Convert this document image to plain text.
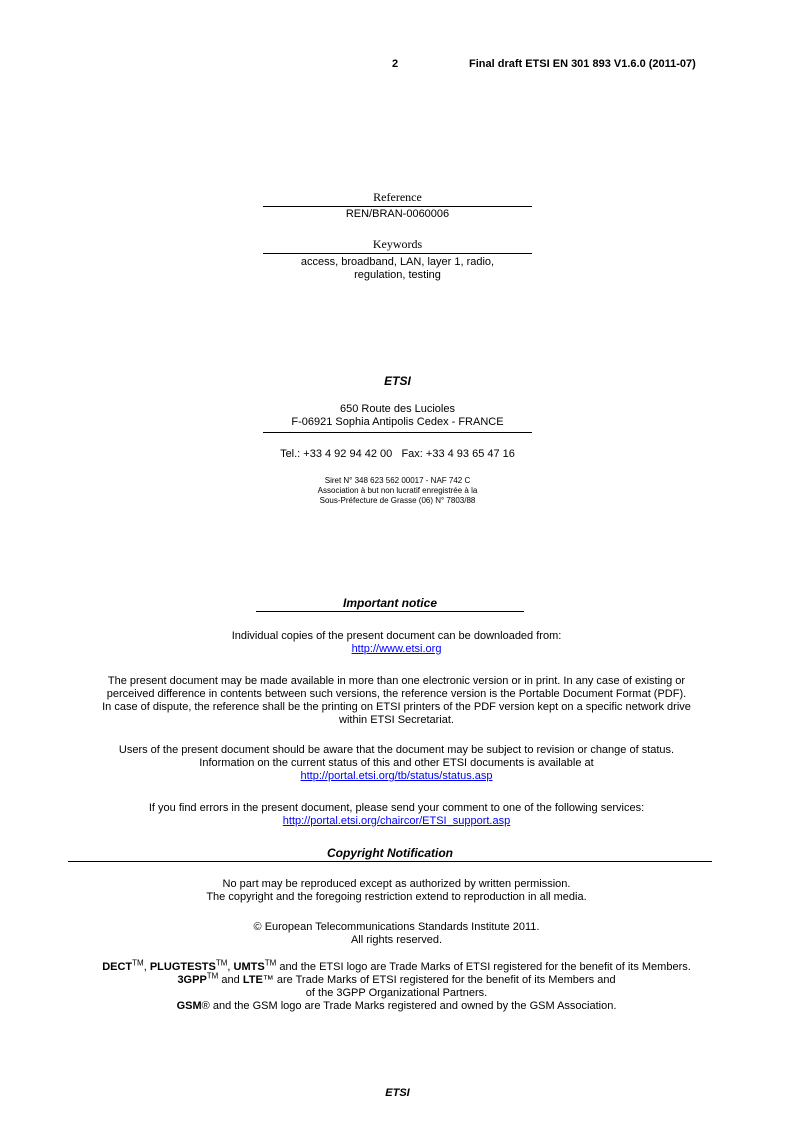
2	Final draft ETSI EN 301 893 V1.6.0 (2011-07)
Reference
REN/BRAN-0060006
Keywords
access, broadband, LAN, layer 1, radio,
regulation, testing
ETSI
650 Route des Lucioles
F-06921 Sophia Antipolis Cedex - FRANCE
Tel.: +33 4 92 94 42 00   Fax: +33 4 93 65 47 16
Siret N° 348 623 562 00017 - NAF 742 C
Association à but non lucratif enregistrée à la
Sous-Préfecture de Grasse (06) N° 7803/88
Important notice
Individual copies of the present document can be downloaded from:
http://www.etsi.org
The present document may be made available in more than one electronic version or in print. In any case of existing or
perceived difference in contents between such versions, the reference version is the Portable Document Format (PDF).
In case of dispute, the reference shall be the printing on ETSI printers of the PDF version kept on a specific network drive
within ETSI Secretariat.
Users of the present document should be aware that the document may be subject to revision or change of status.
Information on the current status of this and other ETSI documents is available at
http://portal.etsi.org/tb/status/status.asp
If you find errors in the present document, please send your comment to one of the following services:
http://portal.etsi.org/chaircor/ETSI_support.asp
Copyright Notification
No part may be reproduced except as authorized by written permission.
The copyright and the foregoing restriction extend to reproduction in all media.
© European Telecommunications Standards Institute 2011.
All rights reserved.
DECT™, PLUGTESTS™, UMTS™ and the ETSI logo are Trade Marks of ETSI registered for the benefit of its Members.
3GPP™ and LTE™ are Trade Marks of ETSI registered for the benefit of its Members and
of the 3GPP Organizational Partners.
GSM® and the GSM logo are Trade Marks registered and owned by the GSM Association.
ETSI
